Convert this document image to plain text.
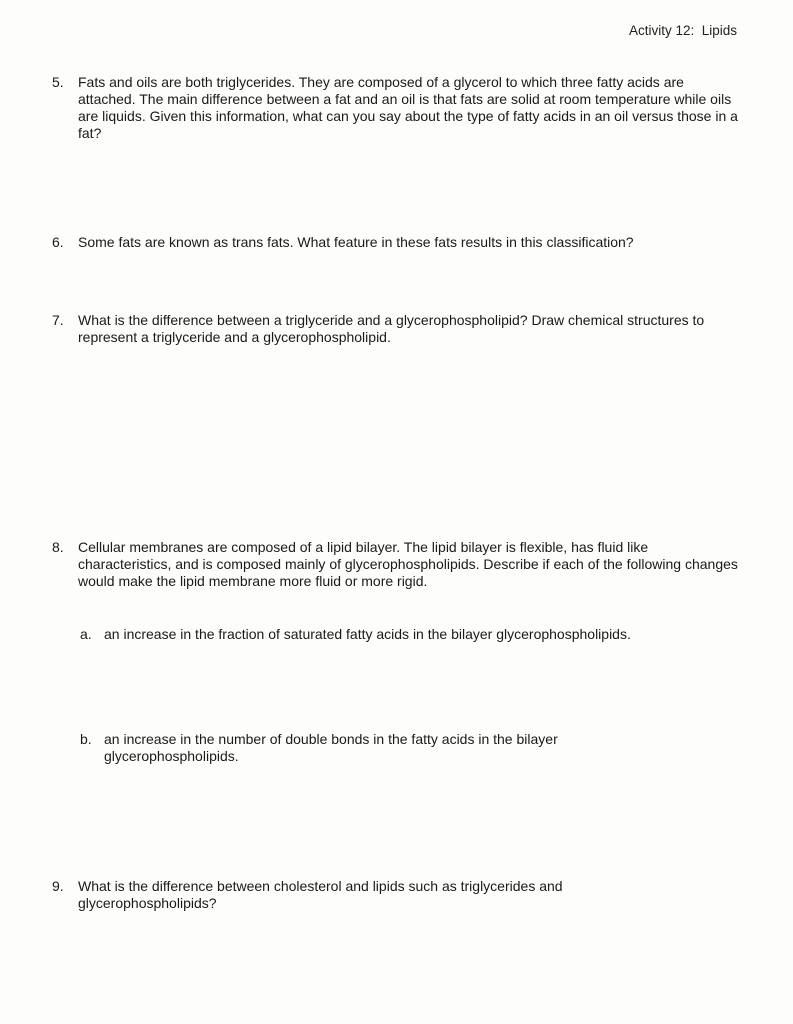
Activity 12:  Lipids
5.	Fats and oils are both triglycerides. They are composed of a glycerol to which three fatty acids are attached. The main difference between a fat and an oil is that fats are solid at room temperature while oils are liquids. Given this information, what can you say about the type of fatty acids in an oil versus those in a fat?
6.	Some fats are known as trans fats. What feature in these fats results in this classification?
7.	What is the difference between a triglyceride and a glycerophospholipid? Draw chemical structures to represent a triglyceride and a glycerophospholipid.
8.	Cellular membranes are composed of a lipid bilayer. The lipid bilayer is flexible, has fluid like characteristics, and is composed mainly of glycerophospholipids. Describe if each of the following changes would make the lipid membrane more fluid or more rigid.
a. an increase in the fraction of saturated fatty acids in the bilayer glycerophospholipids.
b. an increase in the number of double bonds in the fatty acids in the bilayer glycerophospholipids.
9.	What is the difference between cholesterol and lipids such as triglycerides and glycerophospholipids?
